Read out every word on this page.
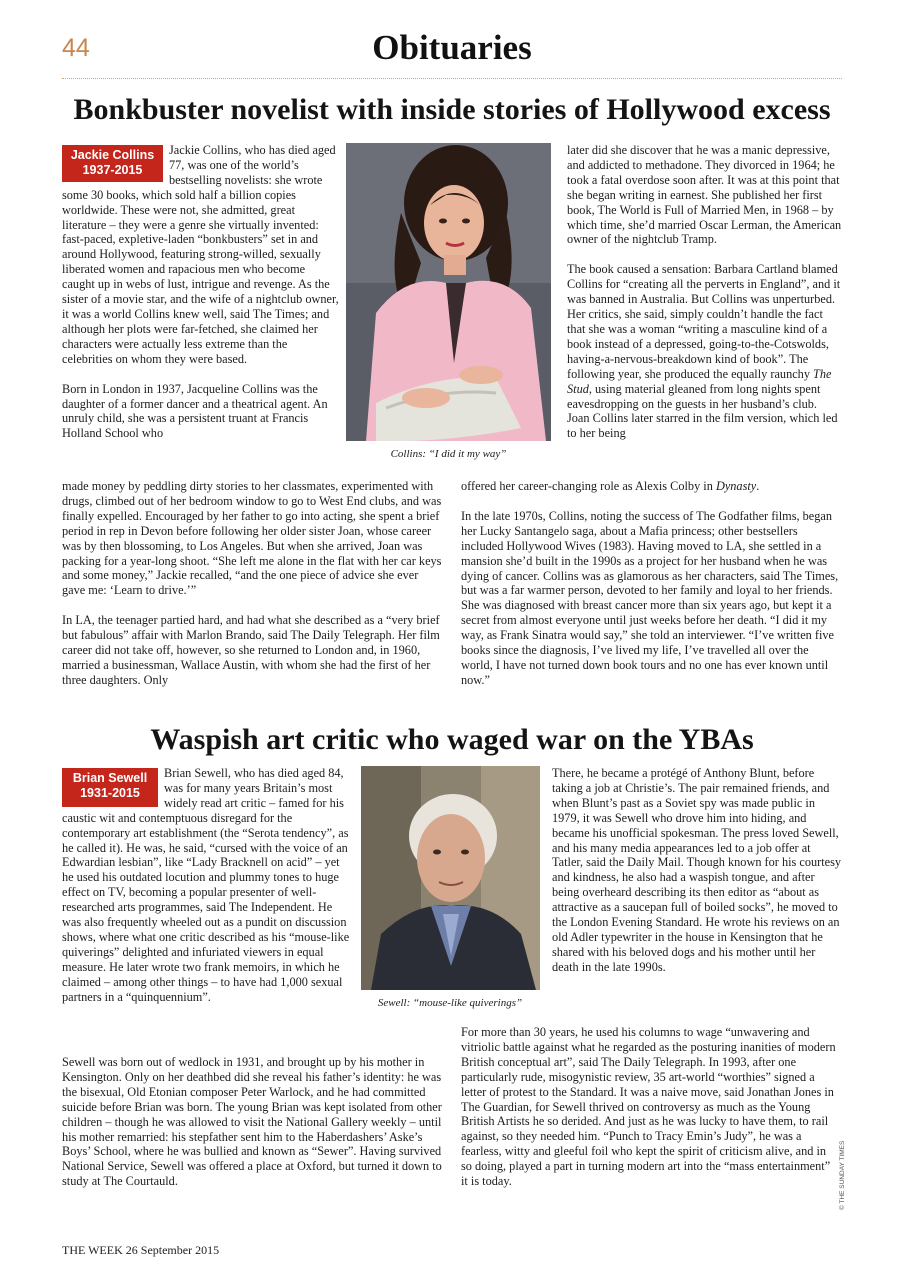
44	Obituaries
Bonkbuster novelist with inside stories of Hollywood excess
Collins: “I did it my way”

Jackie Collins, who has died aged 77, was one of the world’s bestselling novelists: she wrote some 30 books, which sold half a billion copies worldwide. These were not, she admitted, great literature – they were a genre she virtually invented: fast-paced, expletive-laden “bonkbusters” set in and around Hollywood, featuring strong-willed, sexually liberated women and rapacious men who become caught up in webs of lust, intrigue and revenge. As the sister of a movie star, and the wife of a nightclub owner, it was a world Collins knew well, said The Times; and although her plots were far-fetched, she claimed her characters were actually less extreme than the celebrities on whom they were based.

Born in London in 1937, Jacqueline Collins was the daughter of a former dancer and a theatrical agent. An unruly child, she was a persistent truant at Francis Holland School who

Jackie Collins
1937-2015

made money by peddling dirty stories to her classmates, experimented with drugs, climbed out of her bedroom window to go to West End clubs, and was finally expelled. Encouraged by her father to go into acting, she spent a brief period in rep in Devon before following her older sister Joan, whose career was by then blossoming, to Los Angeles. But when she arrived, Joan was packing for a year-long shoot. “She left me alone in the flat with her car keys and some money,” Jackie recalled, “and the one piece of advice she ever gave me: ‘Learn to drive.’”

In LA, the teenager partied hard, and had what she described as a “very brief but fabulous” affair with Marlon Brando, said The Daily Telegraph. Her film career did not take off, however, so she returned to London and, in 1960, married a businessman, Wallace Austin, with whom she had the first of her three daughters. Only

later did she discover that he was a manic depressive, and addicted to methadone. They divorced in 1964; he took a fatal overdose soon after. It was at this point that she began writing in earnest. She published her first book, The World is Full of Married Men, in 1968 – by which time, she’d married Oscar Lerman, the American owner of the nightclub Tramp.

The book caused a sensation: Barbara Cartland blamed Collins for “creating all the perverts in England”, and it was banned in Australia. But Collins was unperturbed. Her critics, she said, simply couldn’t handle the fact that she was a woman “writing a masculine kind of a book instead of a depressed, going-to-the-Cotswolds, having-a-nervous-breakdown kind of book”. The following year, she produced the equally raunchy The Stud, using material gleaned from long nights spent eavesdropping on the guests in her husband’s club. Joan Collins later starred in the film version, which led to her being

offered her career-changing role as Alexis Colby in Dynasty.

In the late 1970s, Collins, noting the success of The Godfather films, began her Lucky Santangelo saga, about a Mafia princess; other bestsellers included Hollywood Wives (1983). Having moved to LA, she settled in a mansion she’d built in the 1990s as a project for her husband when he was dying of cancer. Collins was as glamorous as her characters, said The Times, but was a far warmer person, devoted to her family and loyal to her friends. She was diagnosed with breast cancer more than six years ago, but kept it a secret from almost everyone until just weeks before her death. “I did it my way, as Frank Sinatra would say,” she told an interviewer. “I’ve written five books since the diagnosis, I’ve lived my life, I’ve travelled all over the world, I have not turned down book tours and no one has ever known until now.”

Waspish art critic who waged war on the YBAs
Sewell: “mouse-like quiverings”

Brian Sewell, who has died aged 84, was for many years Britain’s most widely read art critic – famed for his caustic wit and contemptuous disregard for the contemporary art establishment (the “Serota tendency”, as he called it). He was, he said, “cursed with the voice of an Edwardian lesbian”, like “Lady Bracknell on acid” – yet he used his outdated locution and plummy tones to huge effect on TV, becoming a popular presenter of well-researched arts programmes, said The Independent. He was also frequently wheeled out as a pundit on discussion shows, where what one critic described as his “mouse-like quiverings” delighted and infuriated viewers in equal measure. He later wrote two frank memoirs, in which he claimed – among other things – to have had 1,000 sexual partners in a “quinquennium”.

Brian Sewell
1931-2015

Sewell was born out of wedlock in 1931, and brought up by his mother in Kensington. Only on her deathbed did she reveal his father’s identity: he was the bisexual, Old Etonian composer Peter Warlock, and he had committed suicide before Brian was born. The young Brian was kept isolated from other children – though he was allowed to visit the National Gallery weekly – until his mother remarried: his stepfather sent him to the Haberdashers’ Aske’s Boys’ School, where he was bullied and known as “Sewer”. Having survived National Service, Sewell was offered a place at Oxford, but turned it down to study at The Courtauld.

There, he became a protégé of Anthony Blunt, before taking a job at Christie’s. The pair remained friends, and when Blunt’s past as a Soviet spy was made public in 1979, it was Sewell who drove him into hiding, and became his unofficial spokesman. The press loved Sewell, and his many media appearances led to a job offer at Tatler, said the Daily Mail. Though known for his courtesy and kindness, he also had a waspish tongue, and after being overheard describing its then editor as “about as attractive as a saucepan full of boiled socks”, he moved to the London Evening Standard. He wrote his reviews on an old Adler typewriter in the house in Kensington that he shared with his beloved dogs and his mother until her death in the late 1990s.

For more than 30 years, he used his columns to wage “unwavering and vitriolic battle against what he regarded as the posturing inanities of modern British conceptual art”, said The Daily Telegraph. In 1993, after one particularly rude, misogynistic review, 35 art-world “worthies” signed a letter of protest to the Standard. It was a naive move, said Jonathan Jones in The Guardian, for Sewell thrived on controversy as much as the Young British Artists he so derided. And just as he was lucky to have them, to rail against, so they needed him. “Punch to Tracy Emin’s Judy”, he was a fearless, witty and gleeful foil who kept the spirit of criticism alive, and in so doing, played a part in turning modern art into the “mass entertainment” it is today.

THE WEEK 26 September 2015
© THE SUNDAY TIMES
